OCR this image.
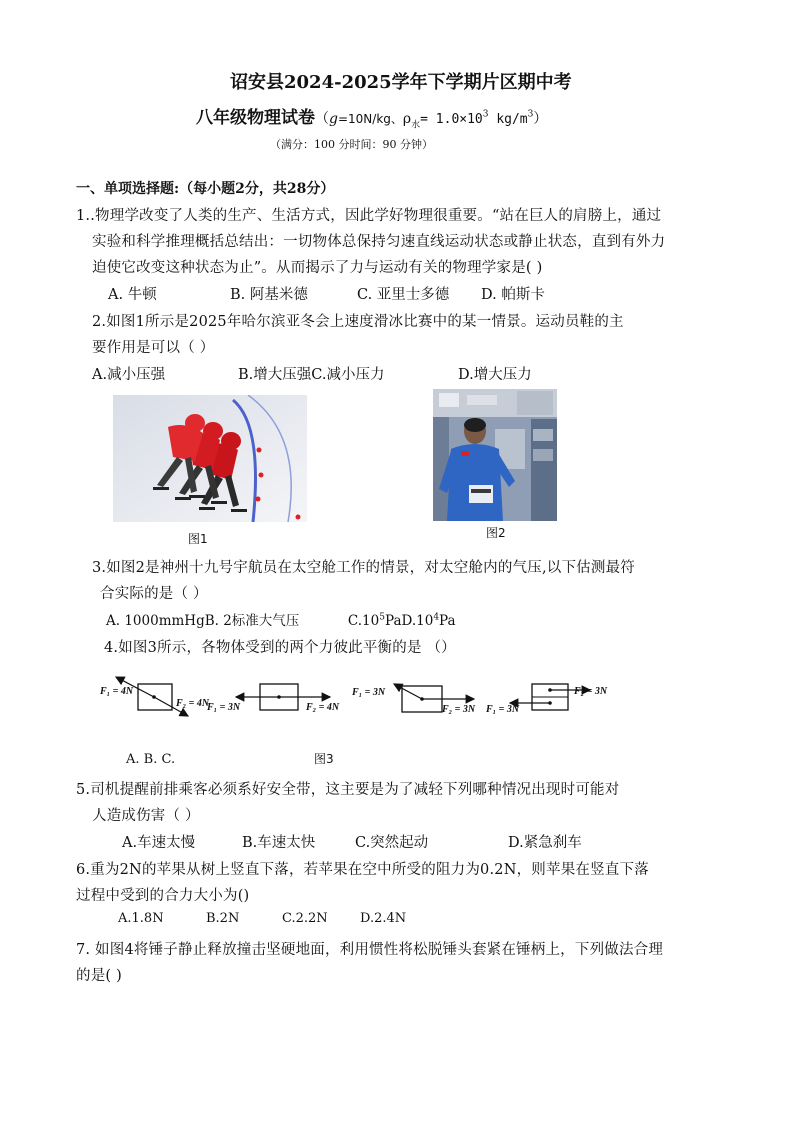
诏安县2024-2025学年下学期片区期中考
八年级物理试卷（g=10N/kg、$\rho_水= 1.0\times 10^3$ $kg/m^3$）
（满分：100 分时间：90 分钟）
一、单项选择题:（每小题2分，共28分）
1..物理学改变了人类的生产、生活方式，因此学好物理很重要。“站在巨人的肩膀上，通过
实验和科学推理概括总结出：一切物体总保持匀速直线运动状态或静止状态，直到有外力
迫使它改变这种状态为止”。从而揭示了力与运动有关的物理学家是( )
A. 牛顿	B. 阿基米德	C. 亚里士多德 D. 帕斯卡
2.如图1所示是2025年哈尔滨亚冬会上速度滑冰比赛中的某一情景。运动员鞋的主
要作用是可以（ ）
A.减小压强	B.增大压强C.减小压力	D.增大压力
图1	图2
3.如图2是神州十九号宇航员在太空舱工作的情景，对太空舱内的气压,以下估测最符
合实际的是（ ）
A. 1000mmHgB. 2标准大气压	$C.10^5PaD.10^4Pa$
4.如图3所示，各物体受到的两个力彼此平衡的是 （）
F₁ = 4N
F₂ = 4N
F₁ = 3N	F₂ = 4N
F₁ = 3N
F₂ = 3N F₁ = 3N
F₂ = 3N
A. B. C.	图3
5.司机提醒前排乘客必须系好安全带，这主要是为了减轻下列哪种情况出现时可能对
人造成伤害（ ）
A.车速太慢	B.车速太快	C.突然起动	D.紧急刹车
6.重为2N的苹果从树上竖直下落，若苹果在空中所受的阻力为0.2N，则苹果在竖直下落
过程中受到的合力大小为()
A.1.8N	B.2N	C.2.2N D.2.4N
7. 如图4将锤子静止释放撞击坚硬地面，利用惯性将松脱锤头套紧在锤柄上，下列做法合理
的是( )
